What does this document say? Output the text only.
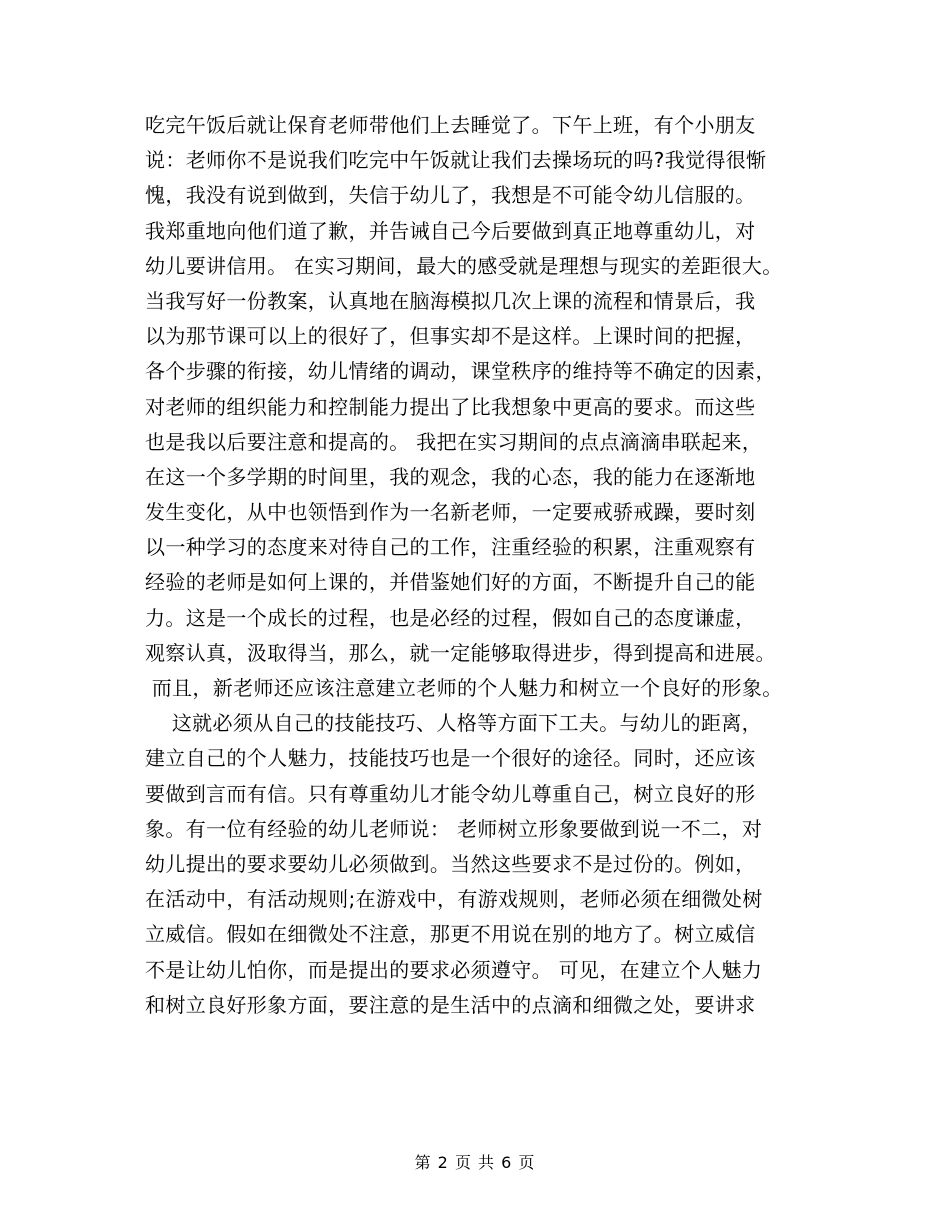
吃完午饭后就让保育老师带他们上去睡觉了。下午上班，有个小朋友
说：老师你不是说我们吃完中午饭就让我们去操场玩的吗?我觉得很惭
愧，我没有说到做到，失信于幼儿了，我想是不可能令幼儿信服的。
我郑重地向他们道了歉，并告诫自己今后要做到真正地尊重幼儿，对
幼儿要讲信用。 在实习期间，最大的感受就是理想与现实的差距很大。
当我写好一份教案，认真地在脑海模拟几次上课的流程和情景后，我
以为那节课可以上的很好了，但事实却不是这样。上课时间的把握，
各个步骤的衔接，幼儿情绪的调动，课堂秩序的维持等不确定的因素，
对老师的组织能力和控制能力提出了比我想象中更高的要求。而这些
也是我以后要注意和提高的。 我把在实习期间的点点滴滴串联起来，
在这一个多学期的时间里，我的观念，我的心态，我的能力在逐渐地
发生变化，从中也领悟到作为一名新老师，一定要戒骄戒躁，要时刻
以一种学习的态度来对待自己的工作，注重经验的积累，注重观察有
经验的老师是如何上课的，并借鉴她们好的方面，不断提升自己的能
力。这是一个成长的过程，也是必经的过程，假如自己的态度谦虚，
观察认真，汲取得当，那么，就一定能够取得进步，得到提高和进展。
而且，新老师还应该注意建立老师的个人魅力和树立一个良好的形象。
这就必须从自己的技能技巧、人格等方面下工夫。与幼儿的距离，
建立自己的个人魅力，技能技巧也是一个很好的途径。同时，还应该
要做到言而有信。只有尊重幼儿才能令幼儿尊重自己，树立良好的形
象。有一位有经验的幼儿老师说： 老师树立形象要做到说一不二，对
幼儿提出的要求要幼儿必须做到。当然这些要求不是过份的。例如，
在活动中，有活动规则;在游戏中，有游戏规则，老师必须在细微处树
立威信。假如在细微处不注意，那更不用说在别的地方了。树立威信
不是让幼儿怕你，而是提出的要求必须遵守。 可见，在建立个人魅力
和树立良好形象方面，要注意的是生活中的点滴和细微之处，要讲求
第 2 页 共 6 页
